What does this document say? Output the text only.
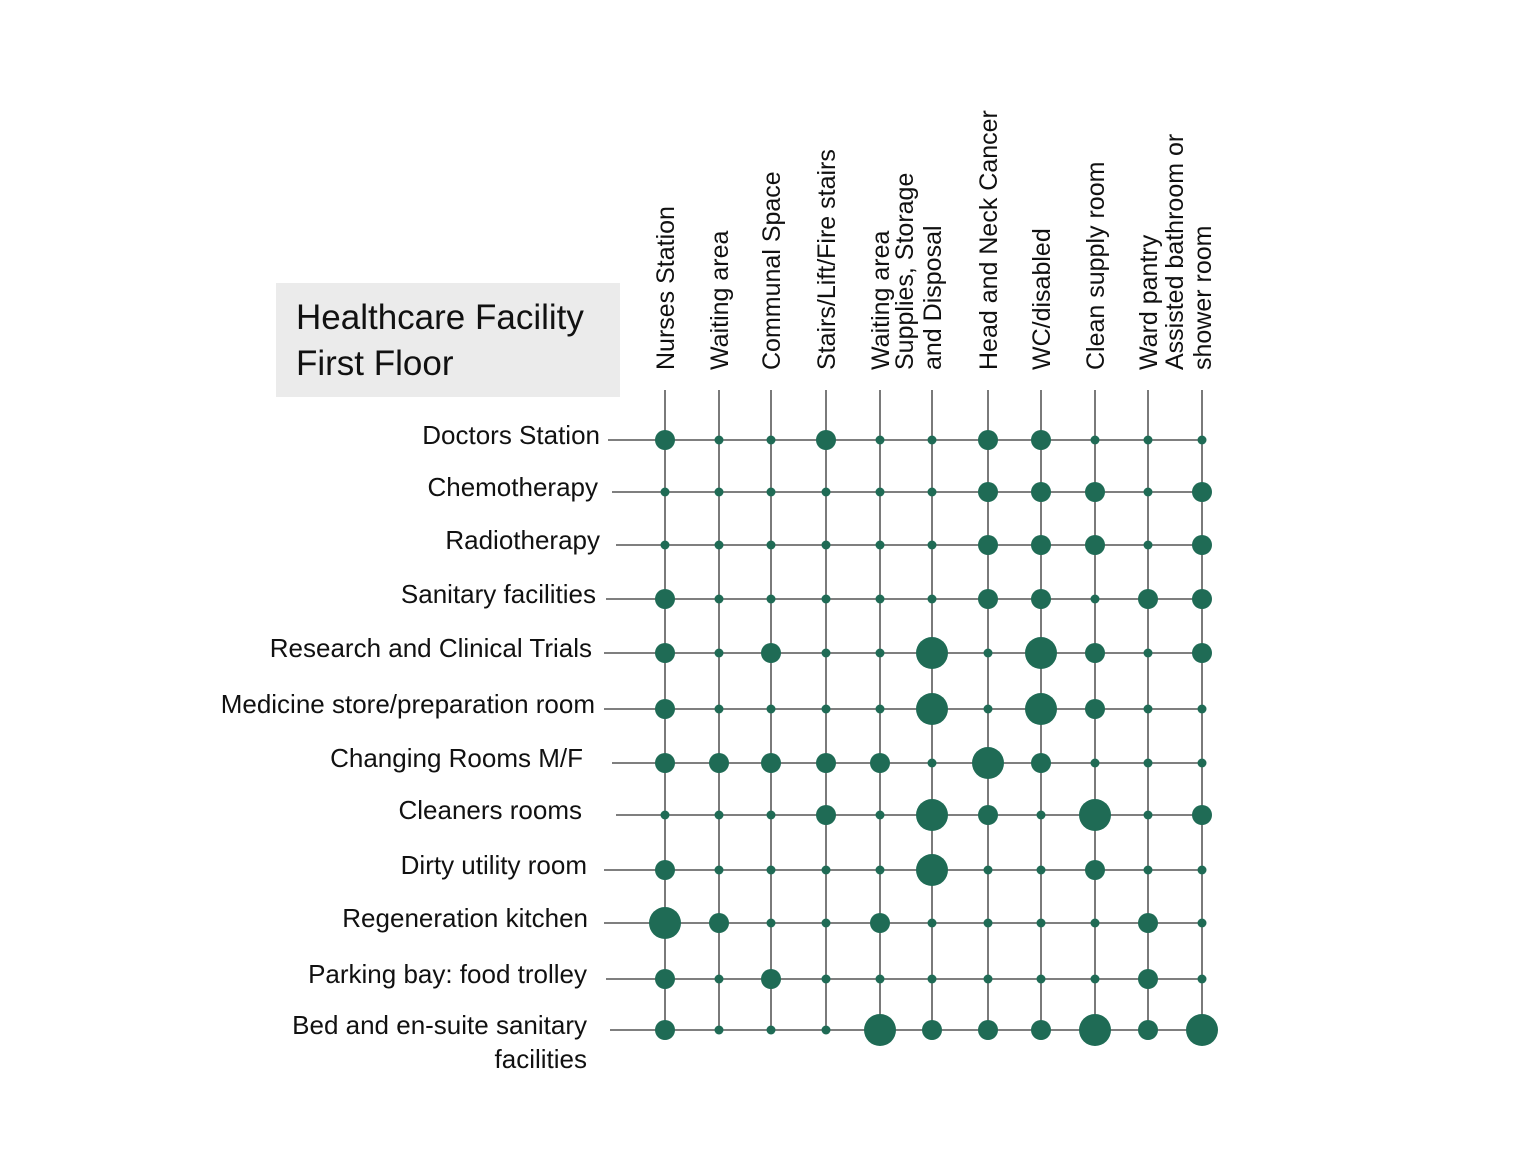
Healthcare Facility
First Floor	Nurses Station Waiting area Communal Space Stairs/Lift/Fire stairs Waiting area
Supplies, Storage and Disposal Head and Neck Cancer WC/disabled Clean supply room Ward pantry
Assisted bathroom or shower room
Doctors Station
Chemotherapy
Radiotherapy
Sanitary facilities
Research and Clinical Trials
Medicine store/preparation room
Changing Rooms M/F
Cleaners rooms
Dirty utility room
Regeneration kitchen
Parking bay: food trolley
Bed and en-suite sanitary
facilities
